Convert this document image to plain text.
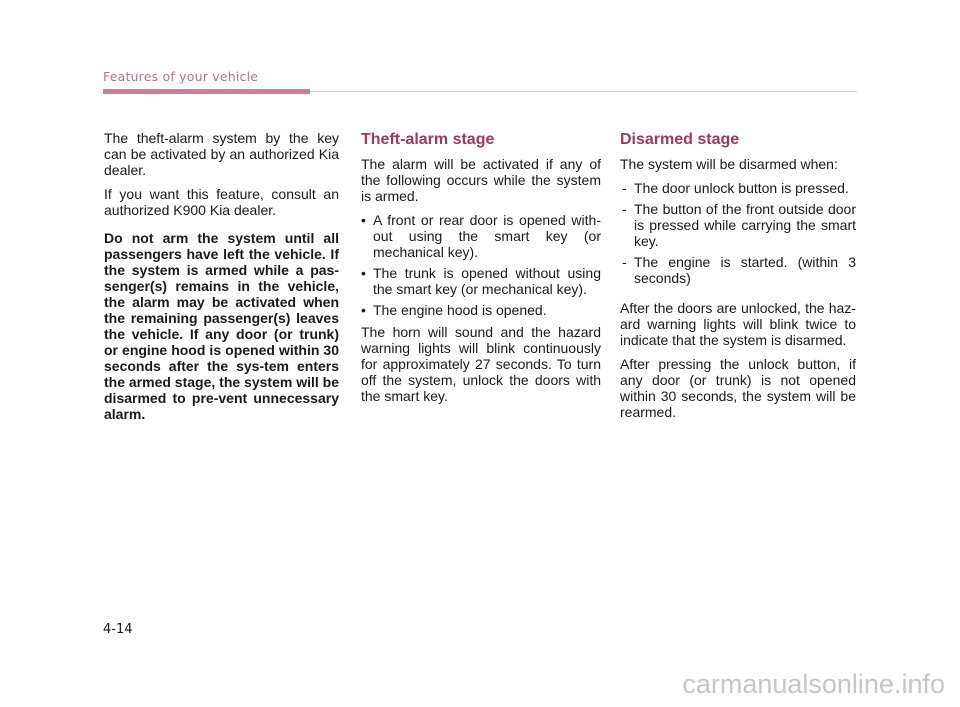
Features of your vehicle

The theft-alarm system by the key can be activated by an authorized Kia dealer.

If you want this feature, consult an authorized K900 Kia dealer.

Do not arm the system until all passengers have left the vehicle. If the system is armed while a pas-senger(s) remains in the vehicle, the alarm may be activated when the remaining passenger(s) leaves the vehicle. If any door (or trunk) or engine hood is opened within 30 seconds after the sys-tem enters the armed stage, the system will be disarmed to pre-vent unnecessary alarm.

Theft-alarm stage

The alarm will be activated if any of the following occurs while the system is armed.

• A front or rear door is opened with-out using the smart key (or mechanical key).
• The trunk is opened without using the smart key (or mechanical key).
• The engine hood is opened.

The horn will sound and the hazard warning lights will blink continuously for approximately 27 seconds. To turn off the system, unlock the doors with the smart key.

Disarmed stage

The system will be disarmed when:

- The door unlock button is pressed.
- The button of the front outside door is pressed while carrying the smart key.
- The engine is started. (within 3 seconds)

After the doors are unlocked, the haz-ard warning lights will blink twice to indicate that the system is disarmed.

After pressing the unlock button, if any door (or trunk) is not opened within 30 seconds, the system will be rearmed.

4-14
carmanualsonline.info
